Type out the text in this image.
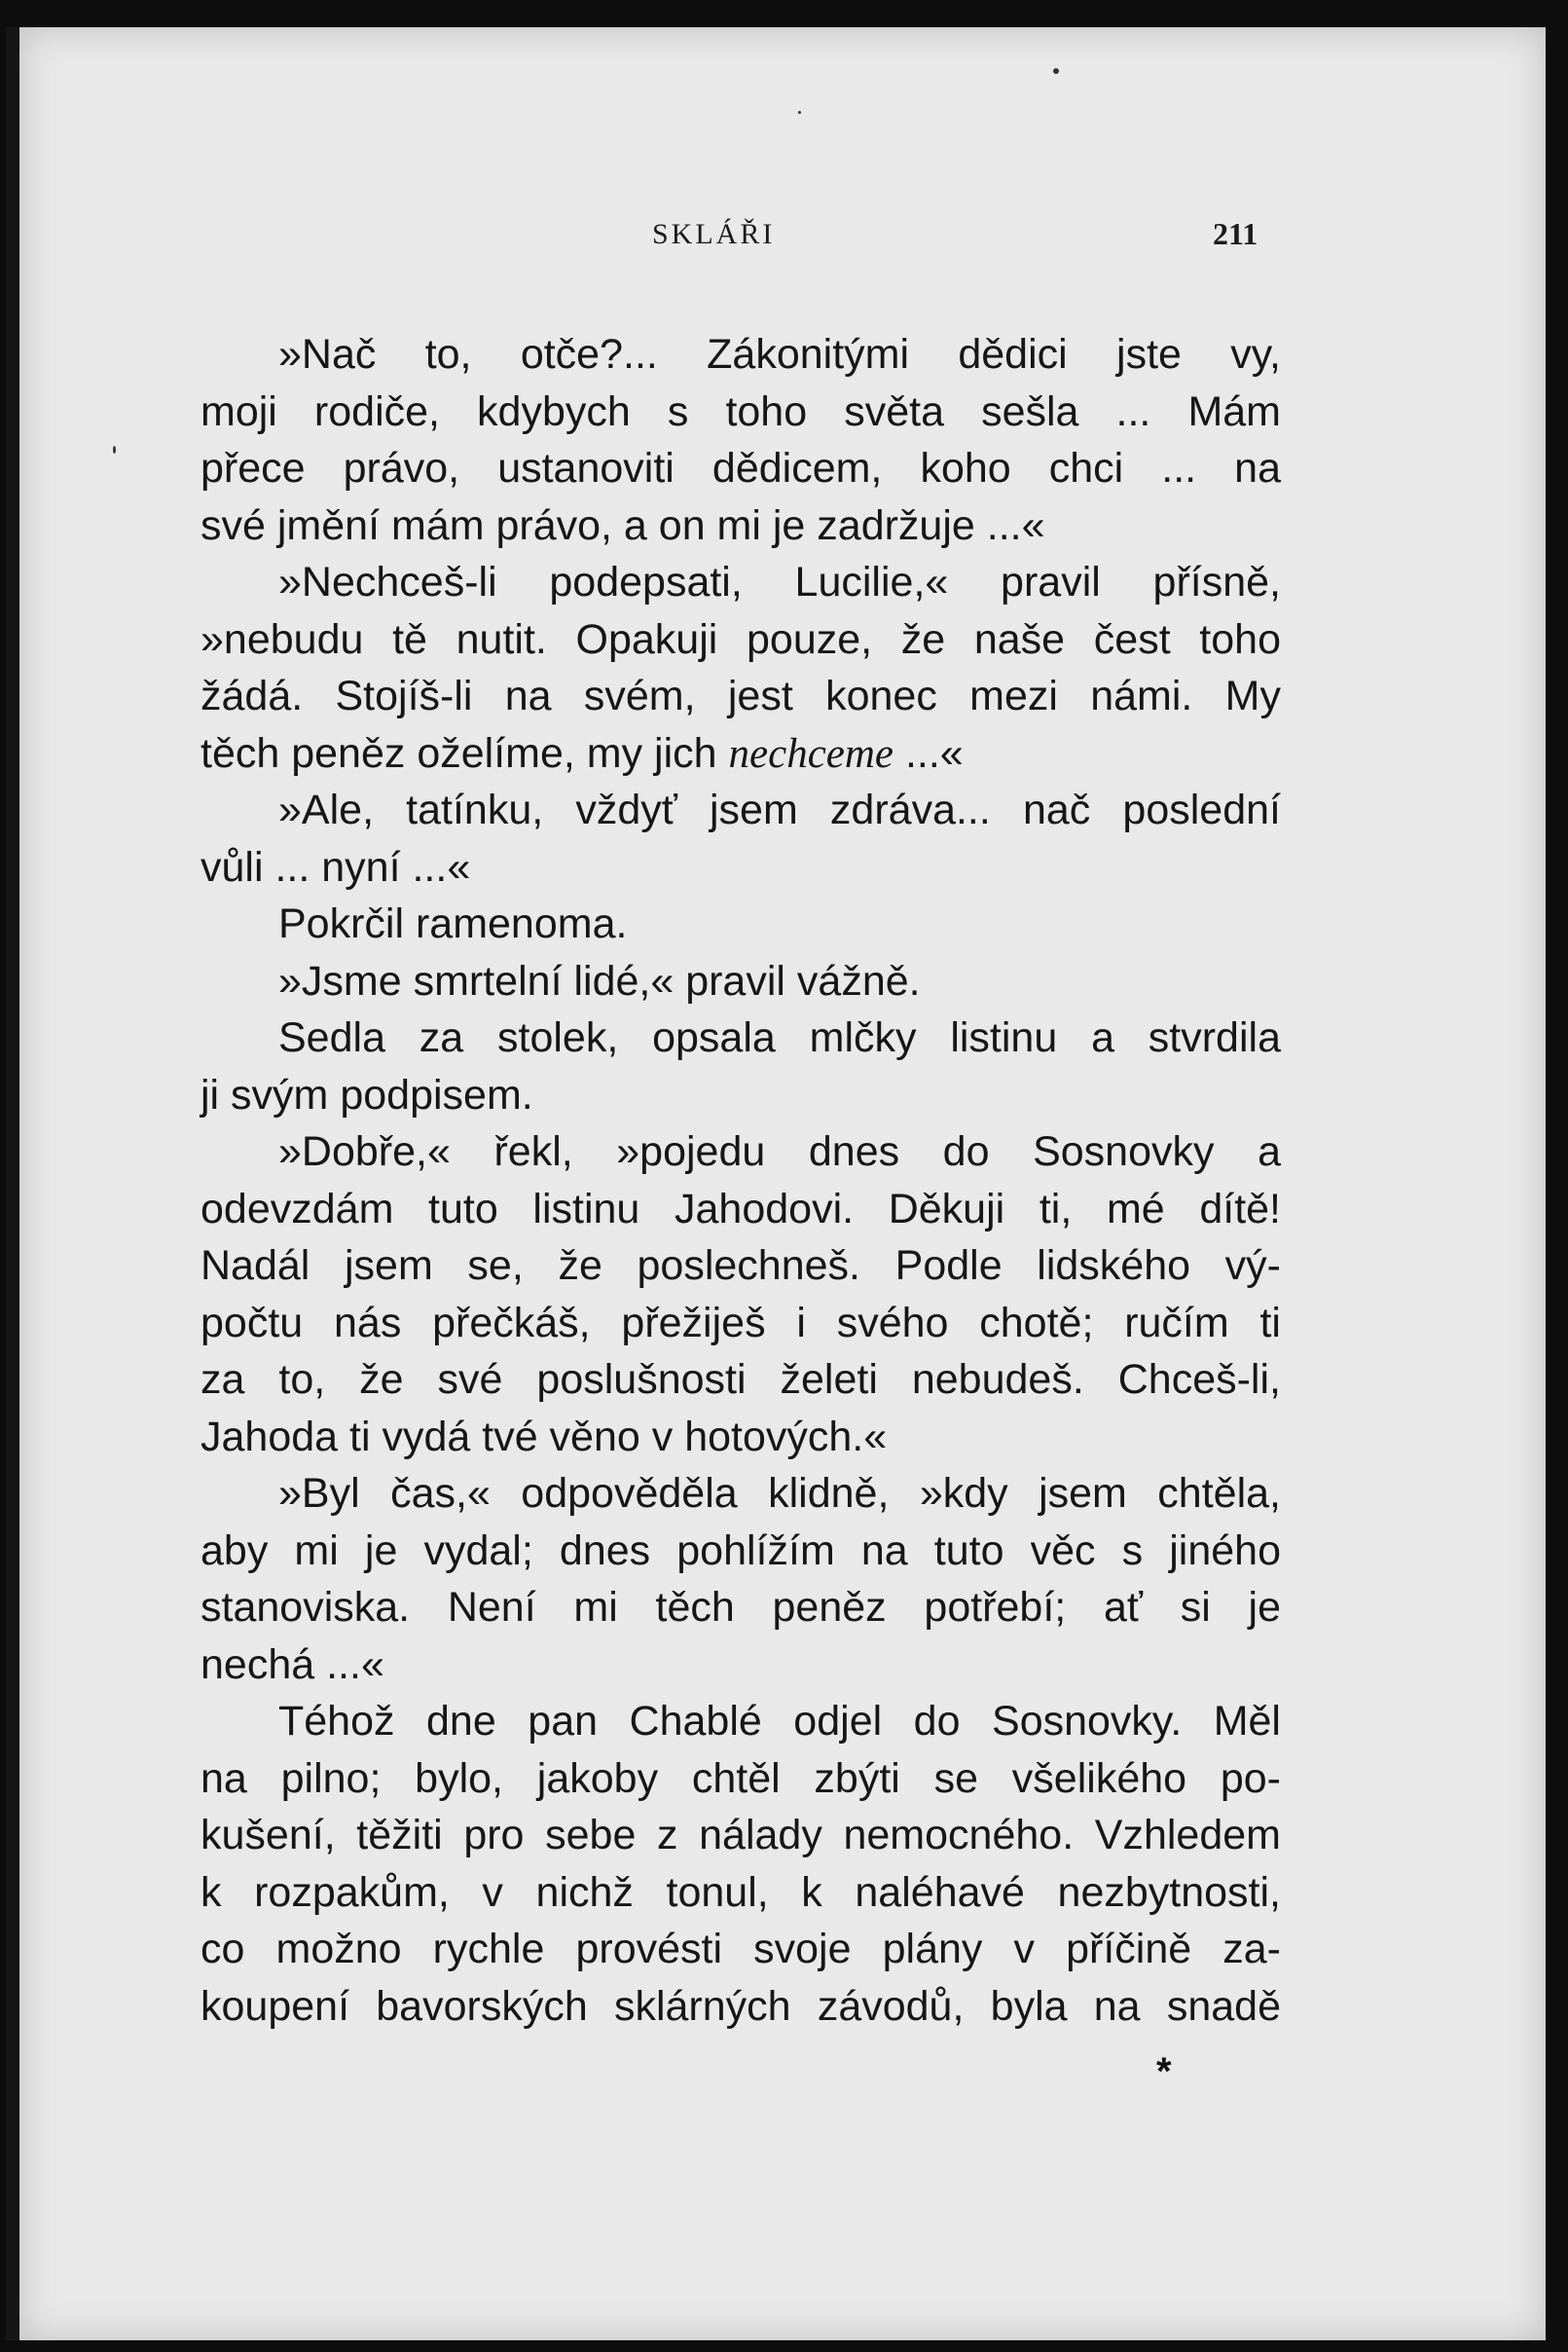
SKLÁŘI	211
»Nač to, otče?... Zákonitými dědici jste vy,
moji rodiče, kdybych s toho světa sešla ... Mám
přece právo, ustanoviti dědicem, koho chci ... na
své jmění mám právo, a on mi je zadržuje ...«
»Nechceš-li podepsati, Lucilie,« pravil přísně,
»nebudu tě nutit. Opakuji pouze, že naše čest toho
žádá. Stojíš-li na svém, jest konec mezi námi. My
těch peněz oželíme, my jich nechceme ...«
»Ale, tatínku, vždyť jsem zdráva... nač poslední
vůli ... nyní ...«
Pokrčil ramenoma.
»Jsme smrtelní lidé,« pravil vážně.
Sedla za stolek, opsala mlčky listinu a stvrdila
ji svým podpisem.
»Dobře,« řekl, »pojedu dnes do Sosnovky a
odevzdám tuto listinu Jahodovi. Děkuji ti, mé dítě!
Nadál jsem se, že poslechneš. Podle lidského vý-
počtu nás přečkáš, přežiješ i svého chotě; ručím ti
za to, že své poslušnosti želeti nebudeš. Chceš-li,
Jahoda ti vydá tvé věno v hotových.«
»Byl čas,« odpověděla klidně, »kdy jsem chtěla,
aby mi je vydal; dnes pohlížím na tuto věc s jiného
stanoviska. Není mi těch peněz potřebí; ať si je
nechá ...«
Téhož dne pan Chablé odjel do Sosnovky. Měl
na pilno; bylo, jakoby chtěl zbýti se všelikého po-
kušení, těžiti pro sebe z nálady nemocného. Vzhledem
k rozpakům, v nichž tonul, k naléhavé nezbytnosti,
co možno rychle provésti svoje plány v příčině za-
koupení bavorských sklárných závodů, byla na snadě
*
